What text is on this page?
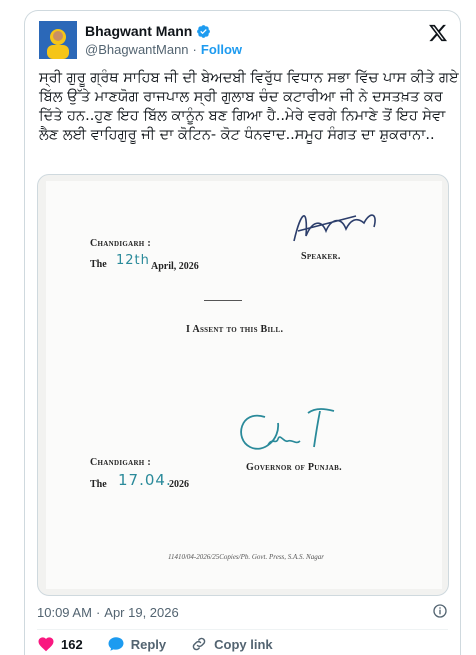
Bhagwant Mann
@BhagwantMann · Follow
ਸ੍ਰੀ ਗੁਰੂ ਗ੍ਰੰਥ ਸਾਹਿਬ ਜੀ ਦੀ ਬੇਅਦਬੀ ਵਿਰੁੱਧ ਵਿਧਾਨ ਸਭਾ ਵਿੱਚ ਪਾਸ ਕੀਤੇ ਗਏ ਬਿੱਲ ਉੱਤੇ ਮਾਣਯੋਗ ਰਾਜਪਾਲ ਸ੍ਰੀ ਗੁਲਾਬ ਚੰਦ ਕਟਾਰੀਆ ਜੀ ਨੇ ਦਸਤਖ਼ਤ ਕਰ ਦਿੱਤੇ ਹਨ..ਹੁਣ ਇਹ ਬਿੱਲ ਕਾਨੂੰਨ ਬਣ ਗਿਆ ਹੈ..ਮੇਰੇ ਵਰਗੇ ਨਿਮਾਣੇ ਤੋਂ ਇਹ ਸੇਵਾ ਲੈਣ ਲਈ ਵਾਹਿਗੁਰੂ ਜੀ ਦਾ ਕੋਟਿਨ- ਕੋਟ ਧੰਨਵਾਦ..ਸਮੂਹ ਸੰਗਤ ਦਾ ਸ਼ੁਕਰਾਨਾ..
Chandigarh :
The 12th April, 2026
Speaker.
I Assent to this Bill.
Chandigarh :
The 17.04.
2026
Governor of Punjab.
11410/04-2026/25Copies/Pb. Govt. Press, S.A.S. Nagar
10:09 AM · Apr 19, 2026
162	Reply	Copy link
